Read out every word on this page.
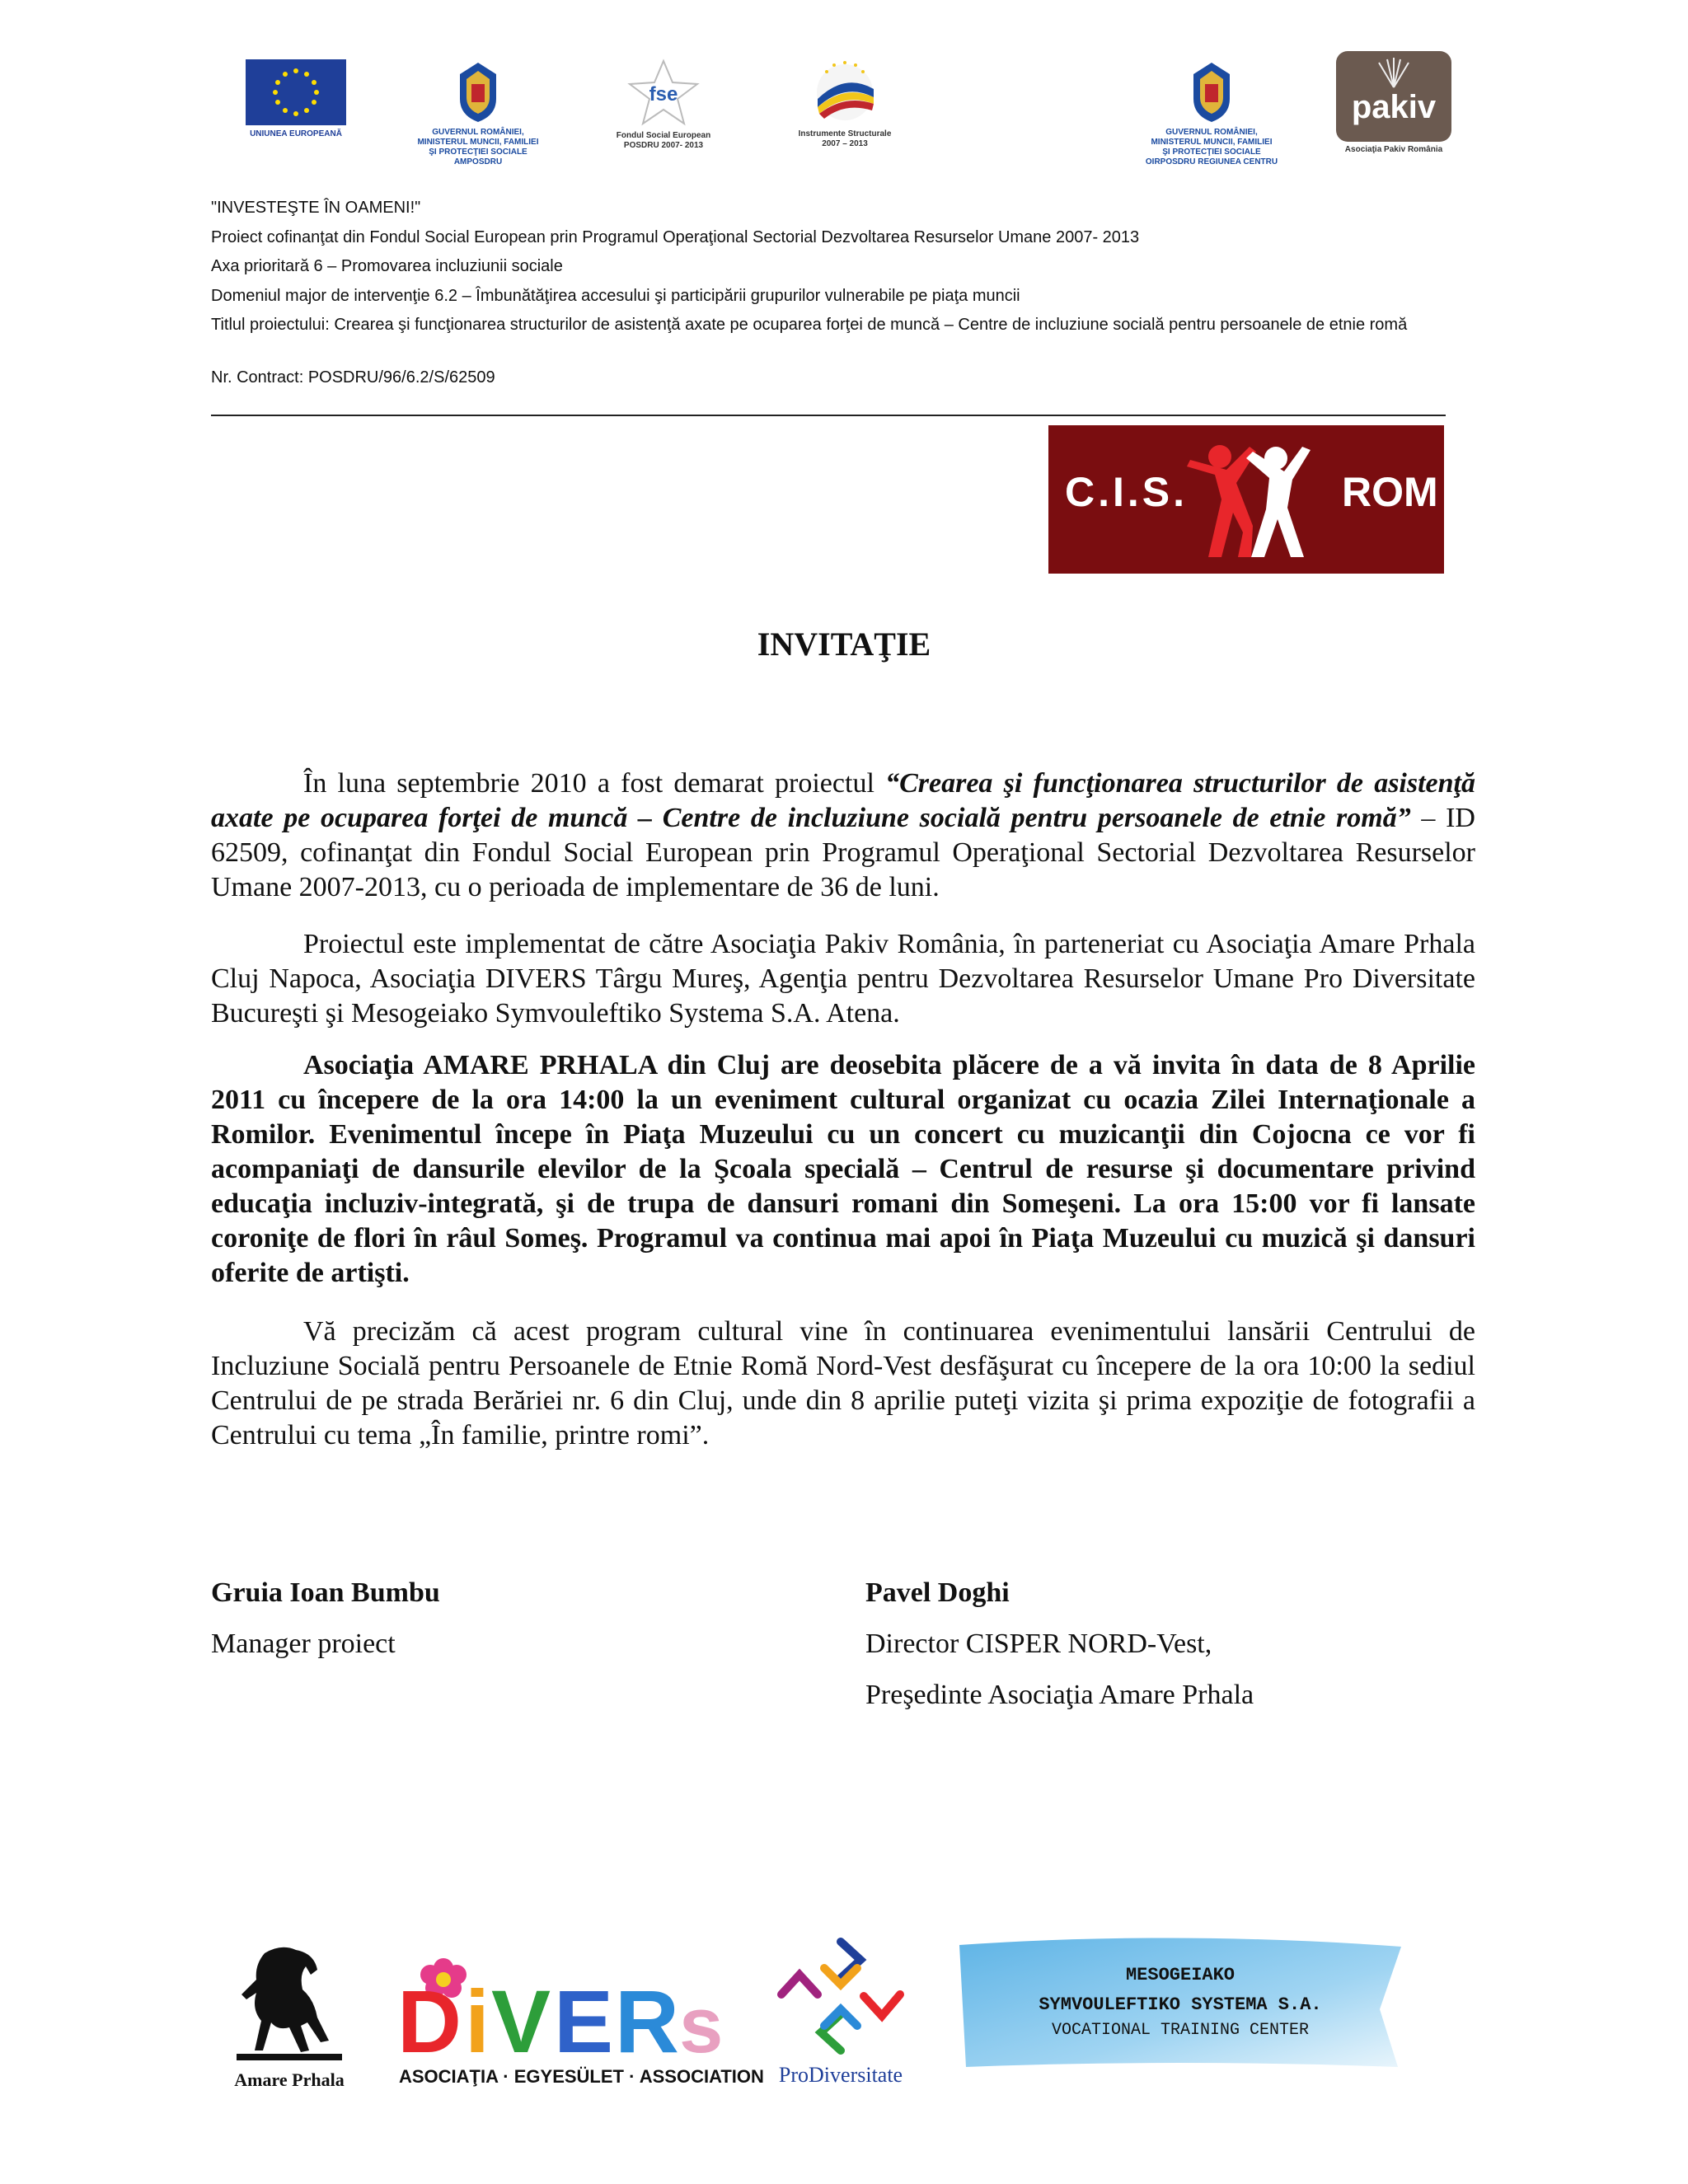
UNIUNEA EUROPEANĂ	GUVERNUL ROMÂNIEI,
MINISTERUL MUNCII, FAMILIEI
ŞI PROTECŢIEI SOCIALE
AMPOSDRU
fse
Fondul Social European
POSDRU 2007- 2013
Instrumente Structurale
2007 – 2013
GUVERNUL ROMÂNIEI,
MINISTERUL MUNCII, FAMILIEI
ŞI PROTECŢIEI SOCIALE
OIRPOSDRU REGIUNEA CENTRU
pakiv
Asociaţia Pakiv România
"INVESTEŞTE ÎN OAMENI!"
Proiect cofinanţat din Fondul Social European prin Programul Operaţional Sectorial Dezvoltarea Resurselor Umane 2007- 2013
Axa prioritară 6 – Promovarea incluziunii sociale
Domeniul major de intervenţie 6.2 – Îmbunătăţirea accesului şi participării grupurilor vulnerabile pe piaţa muncii
Titlul proiectului: Crearea şi funcţionarea structurilor de asistenţă axate pe ocuparea forţei de muncă – Centre de incluziune socială pentru persoanele de etnie romă
Nr. Contract: POSDRU/96/6.2/S/62509
C.I.S.	ROM
INVITAŢIE
În luna septembrie 2010 a fost demarat proiectul “Crearea şi funcţionarea structurilor de asistenţă axate pe ocuparea forţei de muncă – Centre de incluziune socială pentru persoanele de etnie romă” – ID 62509, cofinanţat din Fondul Social European prin Programul Operaţional Sectorial Dezvoltarea Resurselor Umane 2007-2013, cu o perioada de implementare de 36 de luni.
Proiectul este implementat de către Asociaţia Pakiv România, în parteneriat cu Asociaţia Amare Prhala Cluj Napoca, Asociaţia DIVERS Târgu Mureş, Agenţia pentru Dezvoltarea Resurselor Umane Pro Diversitate Bucureşti şi Mesogeiako Symvouleftiko Systema S.A. Atena.
Asociaţia AMARE PRHALA din Cluj are deosebita plăcere de a vă invita în data de 8 Aprilie 2011 cu începere de la ora 14:00 la un eveniment cultural organizat cu ocazia Zilei Internaţionale a Romilor. Evenimentul începe în Piaţa Muzeului cu un concert cu muzicanţii din Cojocna ce vor fi acompaniaţi de dansurile elevilor de la Şcoala specială – Centrul de resurse şi documentare privind educaţia incluziv-integrată, şi de trupa de dansuri romani din Someşeni. La ora 15:00 vor fi lansate coroniţe de flori în râul Someş. Programul va continua mai apoi în Piaţa Muzeului cu muzică şi dansuri oferite de artişti.
Vă precizăm că acest program cultural vine în continuarea evenimentului lansării Centrului de Incluziune Socială pentru Persoanele de Etnie Romă Nord-Vest desfăşurat cu începere de la ora 10:00 la sediul Centrului de pe strada Berăriei nr. 6 din Cluj, unde din 8 aprilie puteţi vizita şi prima expoziţie de fotografii a Centrului cu tema „În familie, printre romi”.
Gruia Ioan Bumbu
Manager proiect
Pavel Doghi
Director CISPER NORD-Vest,
Preşedinte Asociaţia Amare Prhala
Amare Prhala
D i V E R s
ASOCIAŢIA · EGYESÜLET · ASSOCIATION ProDiversitate
MESOGEIAKO
SYMVOULEFTIKO SYSTEMA S.A.
VOCATIONAL TRAINING CENTER
